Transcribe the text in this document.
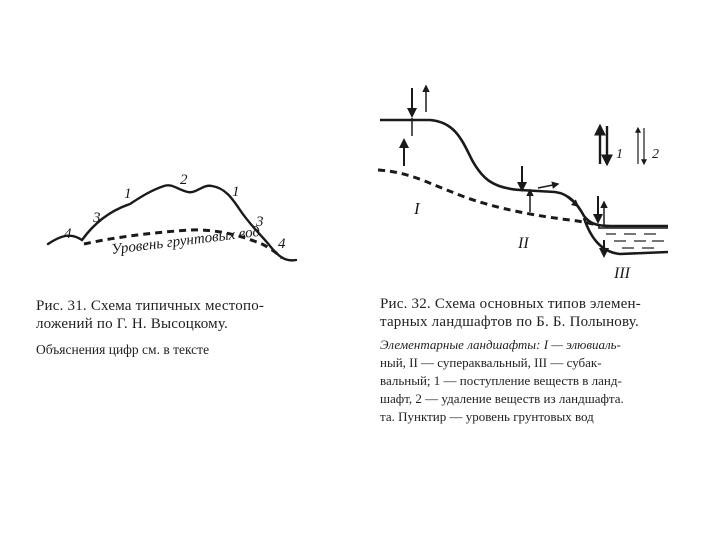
1
2
1
3	3
4
4
Уровень грунтовых вод
Рис. 31. Схема типичных местопо-
ложений по Г. Н. Высоцкому.
Объяснения цифр см. в тексте
1 2
I
II
III
Рис. 32. Схема основных типов элемен-
тарных ландшафтов по Б. Б. Полынову.
Элементарные ландшафты: I — элювиаль-
ный, II — супераквальный, III — субак-
вальный; 1 — поступление веществ в ланд-
шафт, 2 — удаление веществ из ландшафта.
та. Пунктир — уровень грунтовых вод
